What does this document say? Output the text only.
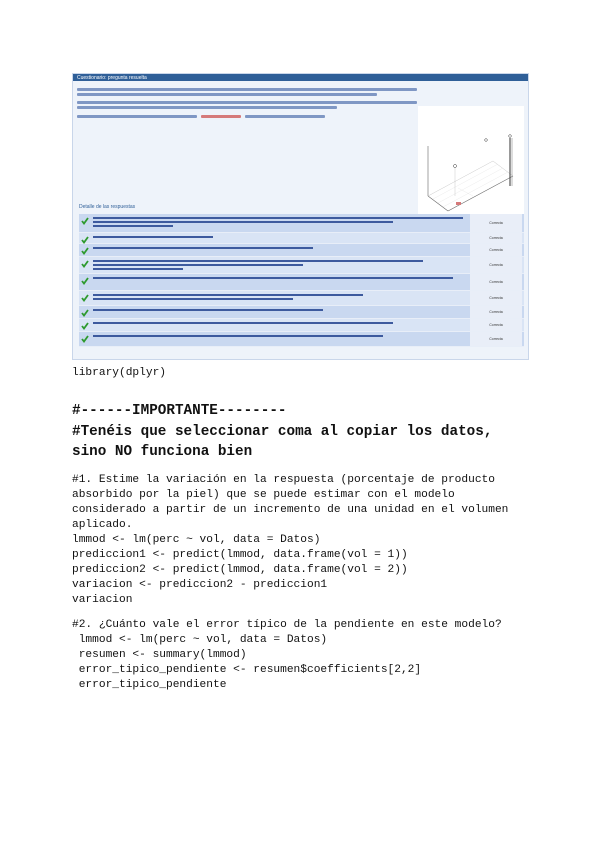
Cuestionario: pregunta resuelta
Detalle de las respuestas
Correcta
Correcta
Correcta
Correcta
Correcta
Correcta
Correcta
Correcta
Correcta
library(dplyr)
#------IMPORTANTE--------
#Tenéis que seleccionar coma al copiar los datos,
sino NO funciona bien
#1. Estime la variación en la respuesta (porcentaje de producto
absorbido por la piel) que se puede estimar con el modelo
considerado a partir de un incremento de una unidad en el volumen
aplicado.
lmmod <- lm(perc ~ vol, data = Datos)
prediccion1 <- predict(lmmod, data.frame(vol = 1))
prediccion2 <- predict(lmmod, data.frame(vol = 2))
variacion <- prediccion2 - prediccion1
variacion
#2. ¿Cuánto vale el error típico de la pendiente en este modelo?
lmmod <- lm(perc ~ vol, data = Datos)
resumen <- summary(lmmod)
error_tipico_pendiente <- resumen$coefficients[2,2]
error_tipico_pendiente
